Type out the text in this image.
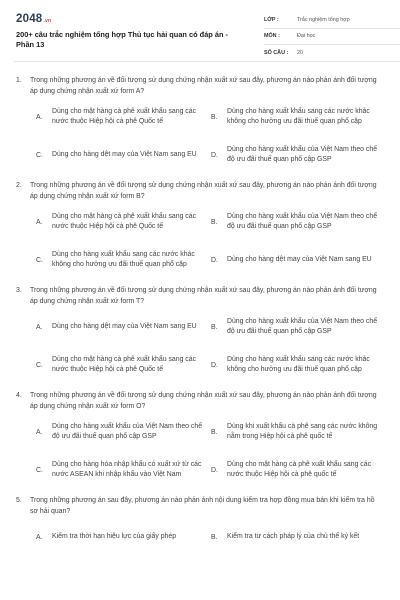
2048.vn
200+ câu trắc nghiệm tổng hợp Thủ tục hải quan có đáp án - Phần 13
LỚP :	Trắc nghiệm tổng hợp
MÔN :	Đại học
SỐ CÂU :	20
1.	Trong những phương án về đối tượng sử dụng chứng nhận xuất xứ sau đây, phương án nào phản ánh đối tượng áp dụng chứng nhận xuất xứ form A?
A.
Dùng cho mặt hàng cà phê xuất khẩu sang các nước thuộc Hiệp hội cà phê Quốc tế
B.
Dùng cho hàng xuất khẩu sang các nước khác không cho hưởng ưu đãi thuế quan phổ cập
C.	Dùng cho hàng dệt may của Việt Nam sang EU	D.
Dùng cho hàng xuất khẩu của Việt Nam theo chế độ ưu đãi thuế quan phổ cập GSP
2.	Trong những phương án về đối tượng sử dụng chứng nhận xuất xứ sau đây, phương án nào phản ánh đối tượng áp dụng chứng nhận xuất xứ form B?
A.
Dùng cho mặt hàng cà phê xuất khẩu sang các nước thuộc Hiệp hội cà phê Quốc tế
B.
Dùng cho hàng xuất khẩu của Việt Nam theo chế độ ưu đãi thuế quan phổ cập GSP
C.
Dùng cho hàng xuất khẩu sang các nước khác không cho hưởng ưu đãi thuế quan phổ cập
D.	Dùng cho hàng dệt may của Việt Nam sang EU
3.	Trong những phương án về đối tượng sử dụng chứng nhận xuất xứ sau đây, phương án nào phản ánh đối tượng áp dụng chứng nhận xuất xứ form T?
A.	Dùng cho hàng dệt may của Việt Nam sang EU	B.
Dùng cho hàng xuất khẩu của Việt Nam theo chế độ ưu đãi thuế quan phổ cập GSP
C.
Dùng cho mặt hàng cà phê xuất khẩu sang các nước thuộc Hiệp hội cà phê Quốc tế
D.
Dùng cho hàng xuất khẩu sang các nước khác không cho hưởng ưu đãi thuế quan phổ cập
4.	Trong những phương án về đối tượng sử dụng chứng nhận xuất xứ sau đây, phương án nào phản ánh đối tượng áp dụng chứng nhận xuất xứ form O?
A.
Dùng cho hàng xuất khẩu của Việt Nam theo chế độ ưu đãi thuế quan phổ cập GSP
B.
Dùng khi xuất khẩu cà phê sang các nước không nằm trong Hiệp hội cà phê quốc tế
C.
Dùng cho hàng hóa nhập khẩu có xuất xứ từ các nước ASEAN khi nhập khẩu vào Việt Nam
D.
Dùng cho mặt hàng cà phê xuất khẩu sang các nước thuộc Hiệp hội cà phê quốc tế
5.	Trong những phương án sau đây, phương án nào phản ánh nội dung kiểm tra hợp đồng mua bán khi kiểm tra hồ sơ hải quan?
A.	Kiểm tra thời hạn hiệu lực của giấy phép	B.	Kiểm tra tư cách pháp lý của chủ thể ký kết
